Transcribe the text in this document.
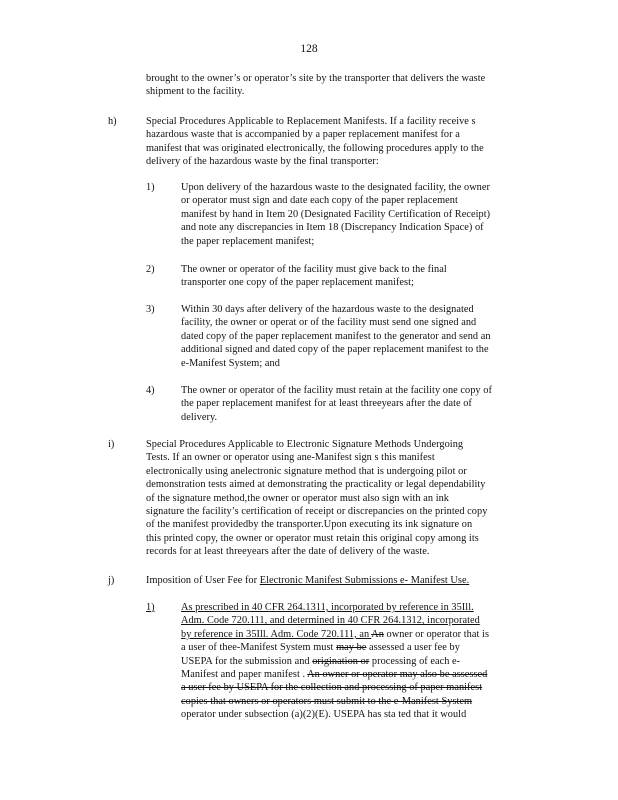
128
brought to the owner’s or operator’s site by the transporter that delivers the waste
shipment to the facility.
h)	Special Procedures Applicable to Replacement Manifests. If a facility receive s
hazardous waste that is accompanied by a paper replacement manifest for a
manifest that was originated electronically, the following procedures apply to the
delivery of the hazardous waste by the final transporter:
1)	Upon delivery of the hazardous waste to the designated facility, the owner
or operator must sign and date each copy of the paper replacement
manifest by hand in Item 20 (Designated Facility Certification of Receipt)
and note any discrepancies in Item 18 (Discrepancy Indication Space) of
the paper replacement manifest;
2)	The owner or operator of the facility must give back to the final
transporter one copy of the paper replacement manifest;
3)	Within 30 days after delivery of the hazardous waste to the designated
facility, the owner or operat or of the facility must send one signed and
dated copy of the paper replacement manifest to the generator and send an
additional signed and dated copy of the paper replacement manifest to the
e-Manifest System; and
4)	The owner or operator of the facility must retain at the facility one copy of
the paper replacement manifest for at least threeyears after the date of
delivery.
i)	Special Procedures Applicable to Electronic Signature Methods Undergoing
Tests. If an owner or operator using ane-Manifest sign s this manifest
electronically using anelectronic signature method that is undergoing pilot or
demonstration tests aimed at demonstrating the practicality or legal dependability
of the signature method,the owner or operator must also sign with an ink
signature the facility’s certification of receipt or discrepancies on the printed copy
of the manifest providedby the transporter.Upon executing its ink signature on
this printed copy, the owner or operator must retain this original copy among its
records for at least threeyears after the date of delivery of the waste.
j)	Imposition of User Fee for Electronic Manifest Submissions e- Manifest Use.
1)	As prescribed in 40 CFR 264.1311, incorporated by reference in 35Ill.
Adm. Code 720.111, and determined in 40 CFR 264.1312, incorporated
by reference in 35Ill. Adm. Code 720.111, an An owner or operator that is
a user of thee-Manifest System must may be assessed a user fee by
USEPA for the submission and origination or processing of each e-
Manifest and paper manifest . An owner or operator may also be assessed
a user fee by USEPA for the collection and processing of paper manifest
copies that owners or operators must submit to the e-Manifest System
operator under subsection (a)(2)(E). USEPA has sta ted that it would
